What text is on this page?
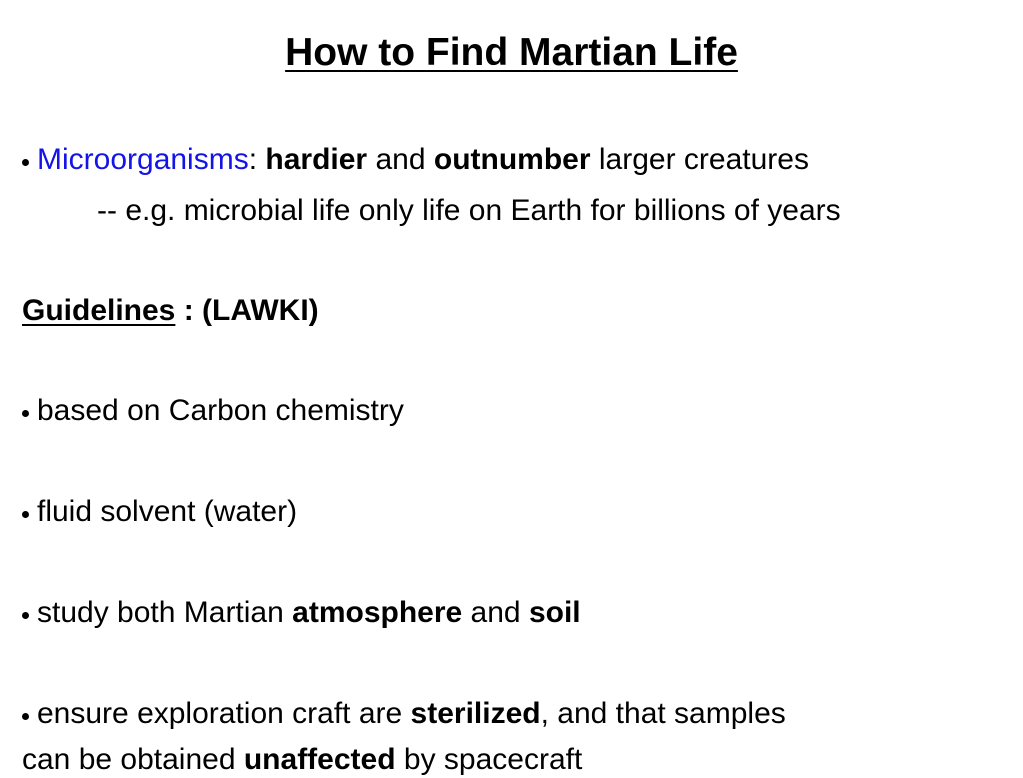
How to Find Martian Life
Microorganisms: hardier and outnumber larger creatures
-- e.g. microbial life only life on Earth for billions of years
Guidelines : (LAWKI)
based on Carbon chemistry
fluid solvent (water)
study both Martian atmosphere and soil
ensure exploration craft are sterilized, and that samples
can be obtained unaffected by spacecraft
